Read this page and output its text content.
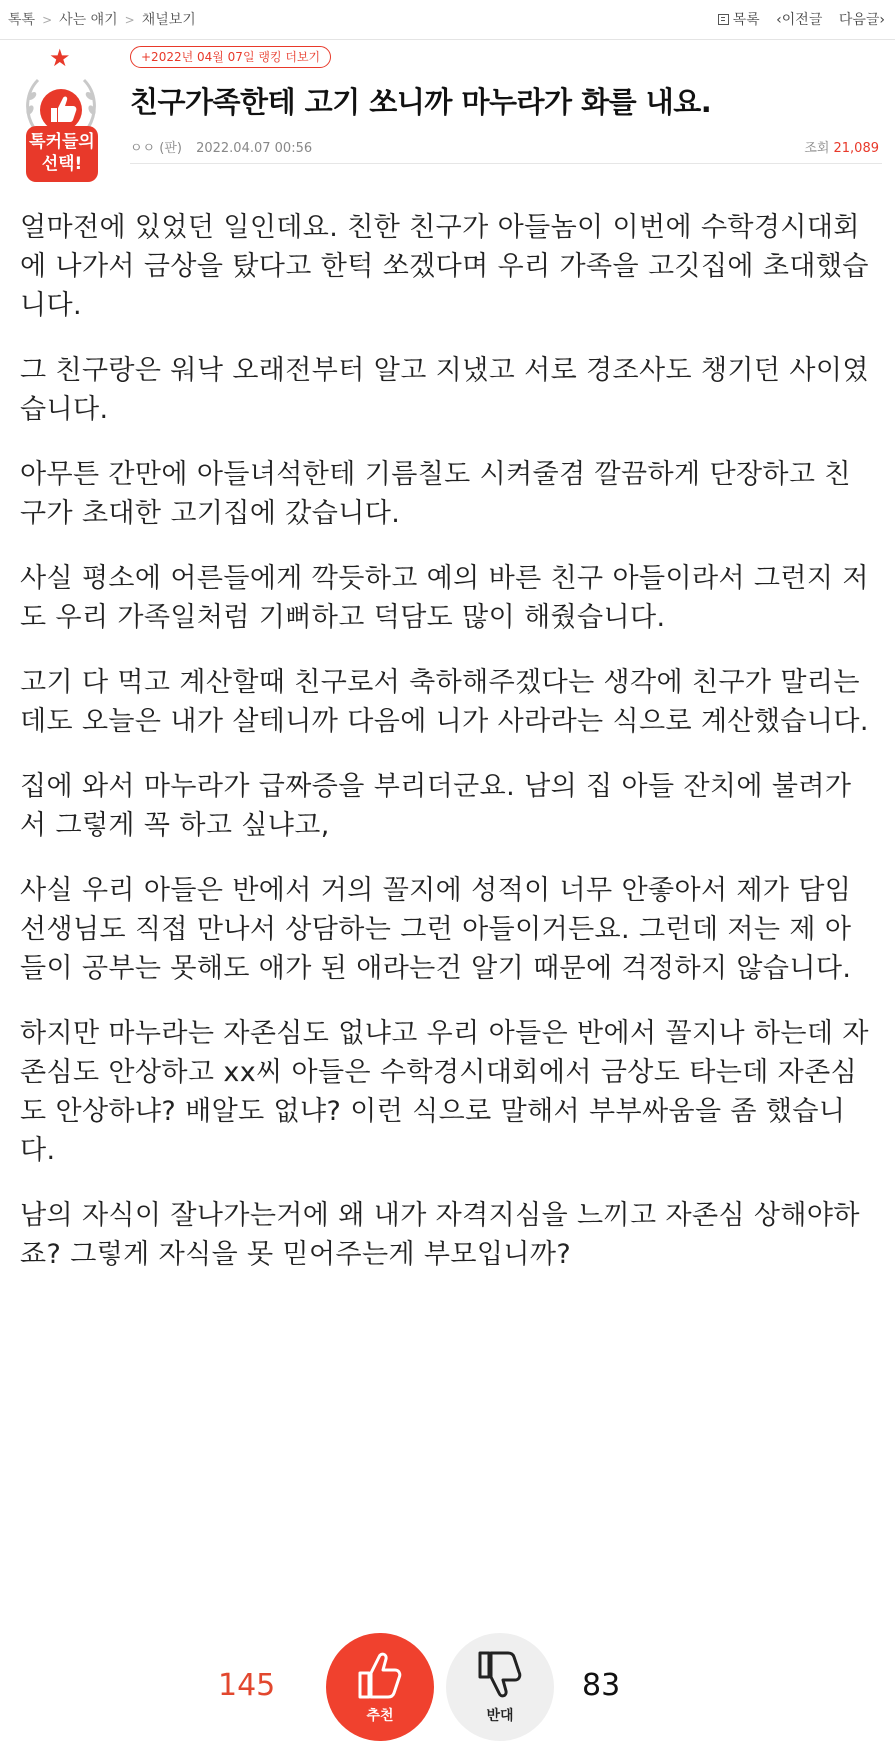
톡톡 > 사는 얘기 > 채널보기	목록 ‹이전글 다음글›
★
톡커들의
선택!
+2022년 04월 07일 랭킹 더보기
친구가족한테 고기 쏘니까 마누라가 화를 내요.
ㅇㅇ (판) 2022.04.07 00:56	조회 21,089

얼마전에 있었던 일인데요. 친한 친구가 아들놈이 이번에 수학경시대회에 나가서 금상을 탔다고 한턱 쏘겠다며 우리 가족을 고깃집에 초대했습니다.

그 친구랑은 워낙 오래전부터 알고 지냈고 서로 경조사도 챙기던 사이였습니다.

아무튼 간만에 아들녀석한테 기름칠도 시켜줄겸 깔끔하게 단장하고 친구가 초대한 고기집에 갔습니다.

사실 평소에 어른들에게 깍듯하고 예의 바른 친구 아들이라서 그런지 저도 우리 가족일처럼 기뻐하고 덕담도 많이 해줬습니다.

고기 다 먹고 계산할때 친구로서 축하해주겠다는 생각에 친구가 말리는데도 오늘은 내가 살테니까 다음에 니가 사라라는 식으로 계산했습니다.

집에 와서 마누라가 급짜증을 부리더군요. 남의 집 아들 잔치에 불려가서 그렇게 꼭 하고 싶냐고,

사실 우리 아들은 반에서 거의 꼴지에 성적이 너무 안좋아서 제가 담임선생님도 직접 만나서 상담하는 그런 아들이거든요. 그런데 저는 제 아들이 공부는 못해도 애가 된 애라는건 알기 때문에 걱정하지 않습니다.

하지만 마누라는 자존심도 없냐고 우리 아들은 반에서 꼴지나 하는데 자존심도 안상하고 xx씨 아들은 수학경시대회에서 금상도 타는데 자존심도 안상하냐? 배알도 없냐? 이런 식으로 말해서 부부싸움을 좀 했습니다.

남의 자식이 잘나가는거에 왜 내가 자격지심을 느끼고 자존심 상해야하죠? 그렇게 자식을 못 믿어주는게 부모입니까?

145
추천	반대
83
